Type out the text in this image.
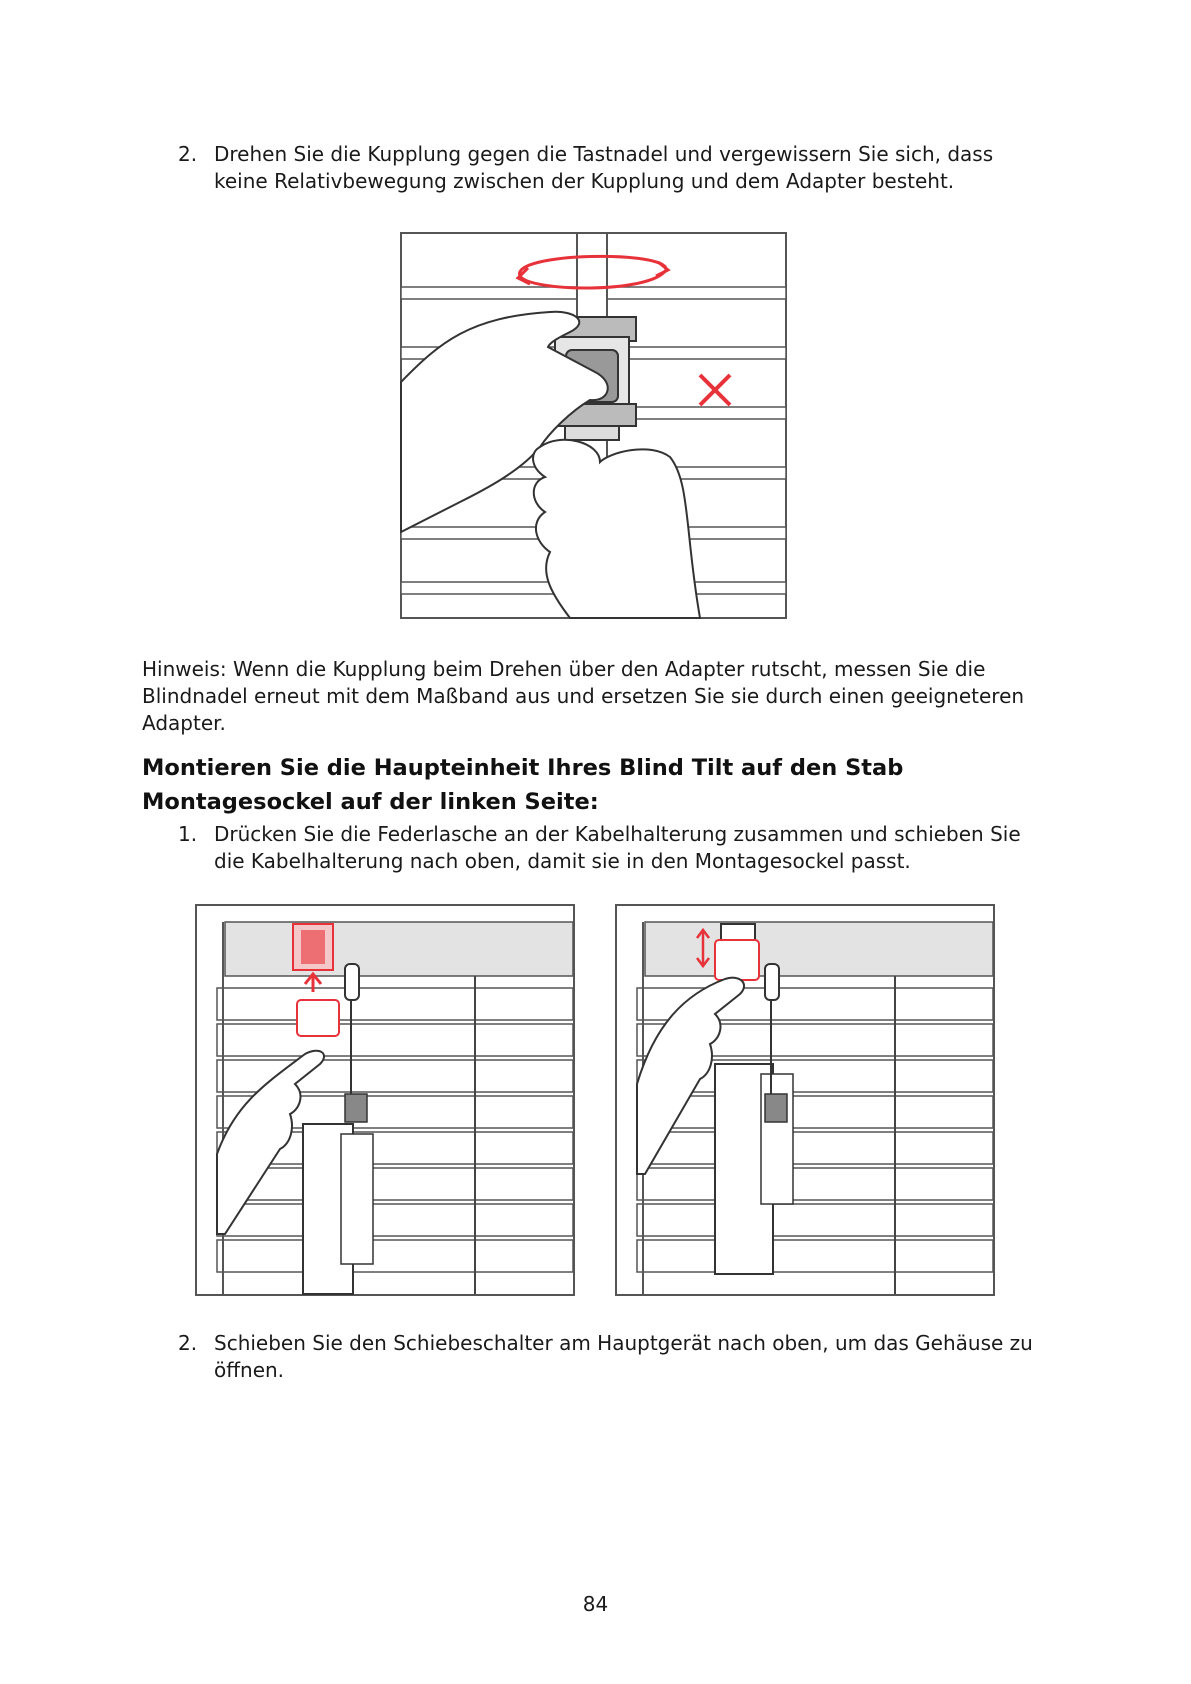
2. Drehen Sie die Kupplung gegen die Tastnadel und vergewissern Sie sich, dass
keine Relativbewegung zwischen der Kupplung und dem Adapter besteht.
Hinweis: Wenn die Kupplung beim Drehen über den Adapter rutscht, messen Sie die
Blindnadel erneut mit dem Maßband aus und ersetzen Sie sie durch einen geeigneteren
Adapter.
Montieren Sie die Haupteinheit Ihres Blind Tilt auf den Stab
Montagesockel auf der linken Seite:
1. Drücken Sie die Federlasche an der Kabelhalterung zusammen und schieben Sie
die Kabelhalterung nach oben, damit sie in den Montagesockel passt.
2. Schieben Sie den Schiebeschalter am Hauptgerät nach oben, um das Gehäuse zu
öffnen.
84
